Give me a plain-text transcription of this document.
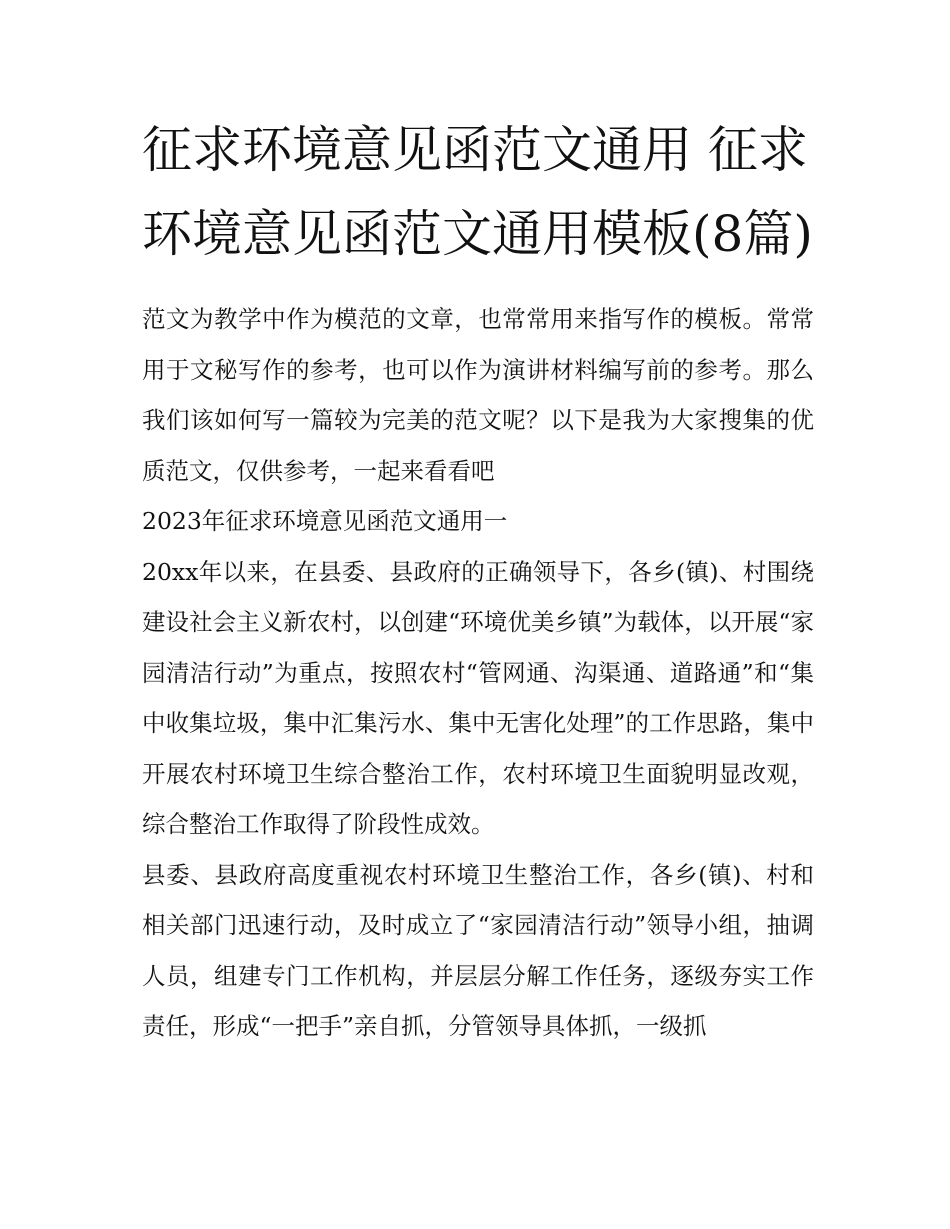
征求环境意见函范文通用 征求环境意见函范文通用模板(8篇)

范文为教学中作为模范的文章，也常常用来指写作的模板。常常用于文秘写作的参考，也可以作为演讲材料编写前的参考。那么我们该如何写一篇较为完美的范文呢？以下是我为大家搜集的优质范文，仅供参考，一起来看看吧

2023年征求环境意见函范文通用一

20xx年以来，在县委、县政府的正确领导下，各乡(镇)、村围绕建设社会主义新农村，以创建“环境优美乡镇”为载体，以开展“家园清洁行动”为重点，按照农村“管网通、沟渠通、道路通”和“集中收集垃圾，集中汇集污水、集中无害化处理”的工作思路，集中开展农村环境卫生综合整治工作，农村环境卫生面貌明显改观，综合整治工作取得了阶段性成效。

县委、县政府高度重视农村环境卫生整治工作，各乡(镇)、村和相关部门迅速行动，及时成立了“家园清洁行动”领导小组，抽调人员，组建专门工作机构，并层层分解工作任务，逐级夯实工作责任，形成“一把手”亲自抓，分管领导具体抓，一级抓
